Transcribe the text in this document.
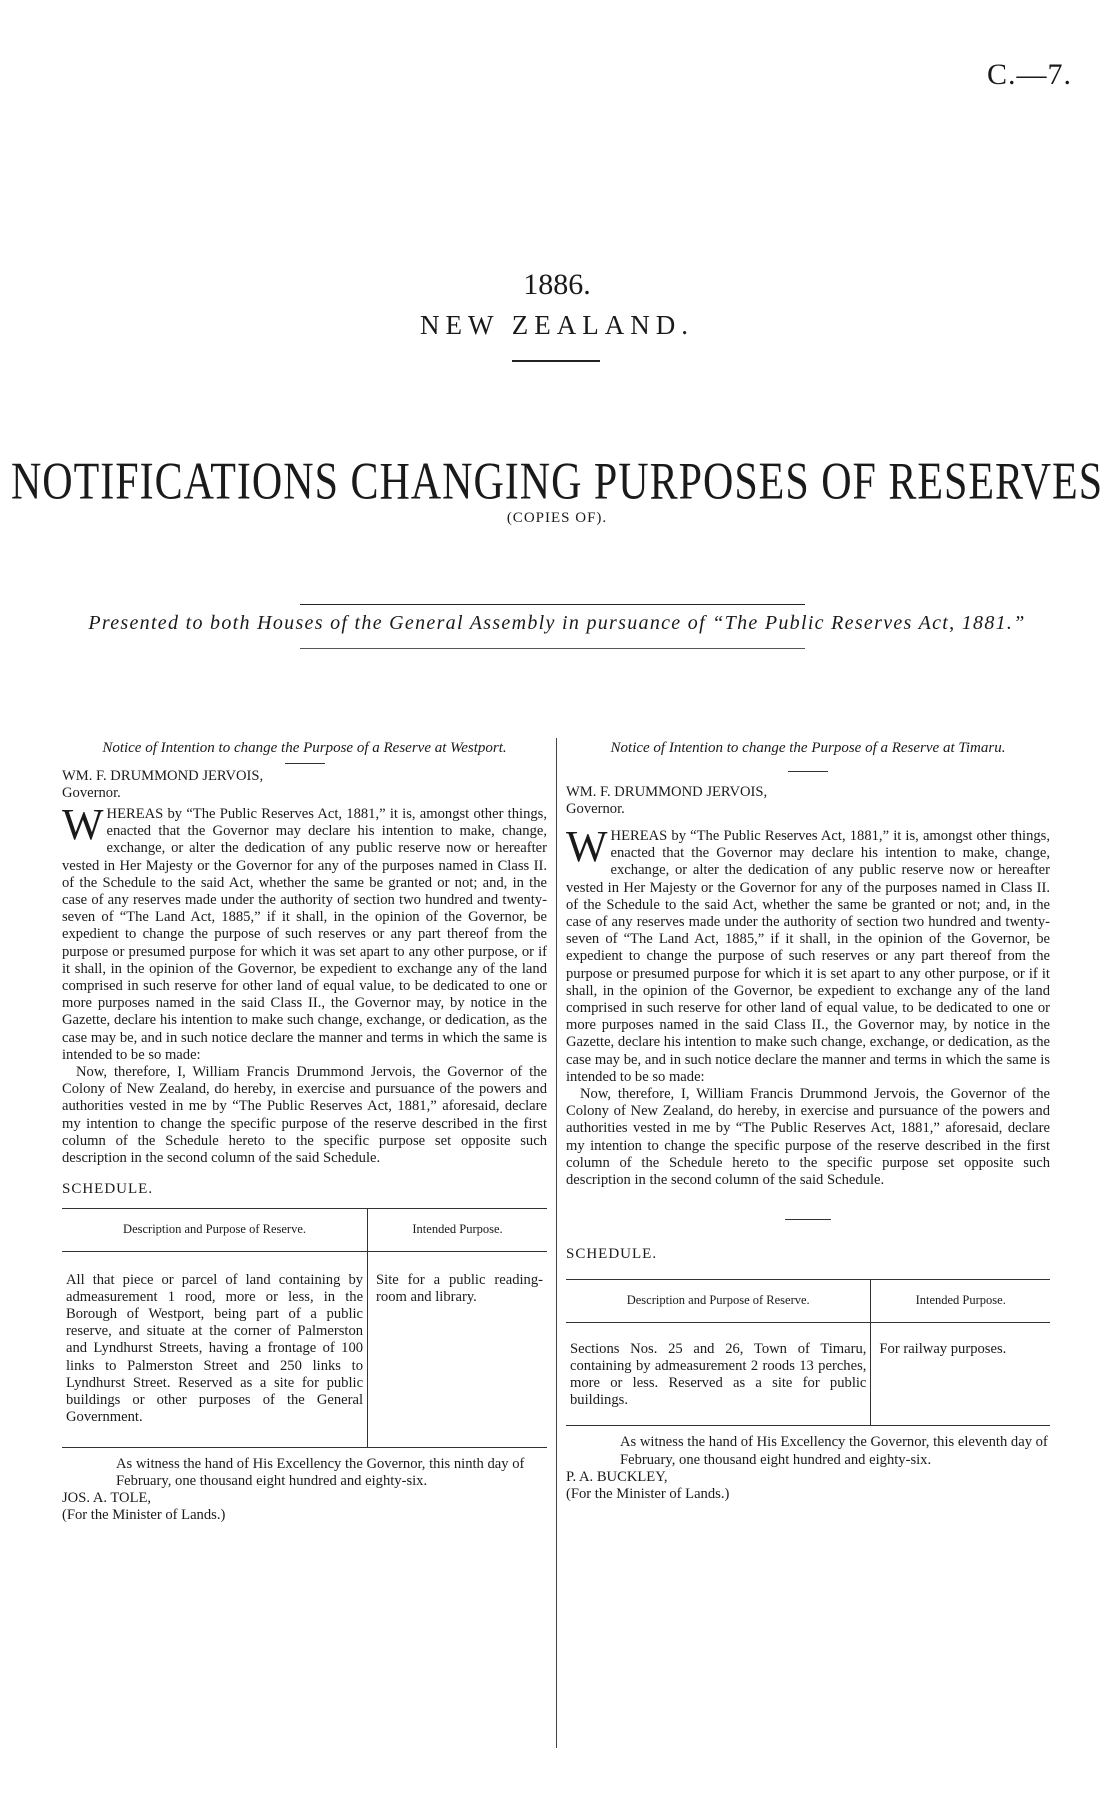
C.—7.
1886.
NEW ZEALAND.
NOTIFICATIONS CHANGING PURPOSES OF RESERVES
(COPIES OF).
Presented to both Houses of the General Assembly in pursuance of “The Public Reserves Act, 1881.”
Notice of Intention to change the Purpose of a Reserve at Westport.

WM. F. DRUMMOND JERVOIS,

Governor.

WHEREAS by “The Public Reserves Act, 1881,” it is, amongst other things, enacted that the Governor may declare his intention to make, change, exchange, or alter the dedication of any public reserve now or hereafter vested in Her Majesty or the Governor for any of the purposes named in Class II. of the Schedule to the said Act, whether the same be granted or not; and, in the case of any reserves made under the authority of section two hundred and twenty-seven of “The Land Act, 1885,” if it shall, in the opinion of the Governor, be expedient to change the purpose of such reserves or any part thereof from the purpose or presumed purpose for which it was set apart to any other purpose, or if it shall, in the opinion of the Governor, be expedient to exchange any of the land comprised in such reserve for other land of equal value, to be dedicated to one or more purposes named in the said Class II., the Governor may, by notice in the Gazette, declare his intention to make such change, exchange, or dedication, as the case may be, and in such notice declare the manner and terms in which the same is intended to be so made:

Now, therefore, I, William Francis Drummond Jervois, the Governor of the Colony of New Zealand, do hereby, in exercise and pursuance of the powers and authorities vested in me by “The Public Reserves Act, 1881,” aforesaid, declare my intention to change the specific purpose of the reserve described in the first column of the Schedule hereto to the specific purpose set opposite such description in the second column of the said Schedule.

SCHEDULE.

Description and Purpose of Reserve.	Intended Purpose.
All that piece or parcel of land containing by admeasurement 1 rood, more or less, in the Borough of Westport, being part of a public reserve, and situate at the corner of Palmerston and Lyndhurst Streets, having a frontage of 100 links to Palmerston Street and 250 links to Lyndhurst Street. Reserved as a site for public buildings or other purposes of the General Government.	Site for a public reading-room and library.

As witness the hand of His Excellency the Governor, this ninth day of February, one thousand eight hundred and eighty-six.

JOS. A. TOLE,

(For the Minister of Lands.)

Notice of Intention to change the Purpose of a Reserve at Timaru.

WM. F. DRUMMOND JERVOIS,

Governor.

WHEREAS by “The Public Reserves Act, 1881,” it is, amongst other things, enacted that the Governor may declare his intention to make, change, exchange, or alter the dedication of any public reserve now or hereafter vested in Her Majesty or the Governor for any of the purposes named in Class II. of the Schedule to the said Act, whether the same be granted or not; and, in the case of any reserves made under the authority of section two hundred and twenty-seven of “The Land Act, 1885,” if it shall, in the opinion of the Governor, be expedient to change the purpose of such reserves or any part thereof from the purpose or presumed purpose for which it is set apart to any other purpose, or if it shall, in the opinion of the Governor, be expedient to exchange any of the land comprised in such reserve for other land of equal value, to be dedicated to one or more purposes named in the said Class II., the Governor may, by notice in the Gazette, declare his intention to make such change, exchange, or dedication, as the case may be, and in such notice declare the manner and terms in which the same is intended to be so made:

Now, therefore, I, William Francis Drummond Jervois, the Governor of the Colony of New Zealand, do hereby, in exercise and pursuance of the powers and authorities vested in me by “The Public Reserves Act, 1881,” aforesaid, declare my intention to change the specific purpose of the reserve described in the first column of the Schedule hereto to the specific purpose set opposite such description in the second column of the said Schedule.

SCHEDULE.

Description and Purpose of Reserve.	Intended Purpose.
Sections Nos. 25 and 26, Town of Timaru, containing by admeasurement 2 roods 13 perches, more or less. Reserved as a site for public buildings.	For railway purposes.

As witness the hand of His Excellency the Governor, this eleventh day of February, one thousand eight hundred and eighty-six.

P. A. BUCKLEY,

(For the Minister of Lands.)
